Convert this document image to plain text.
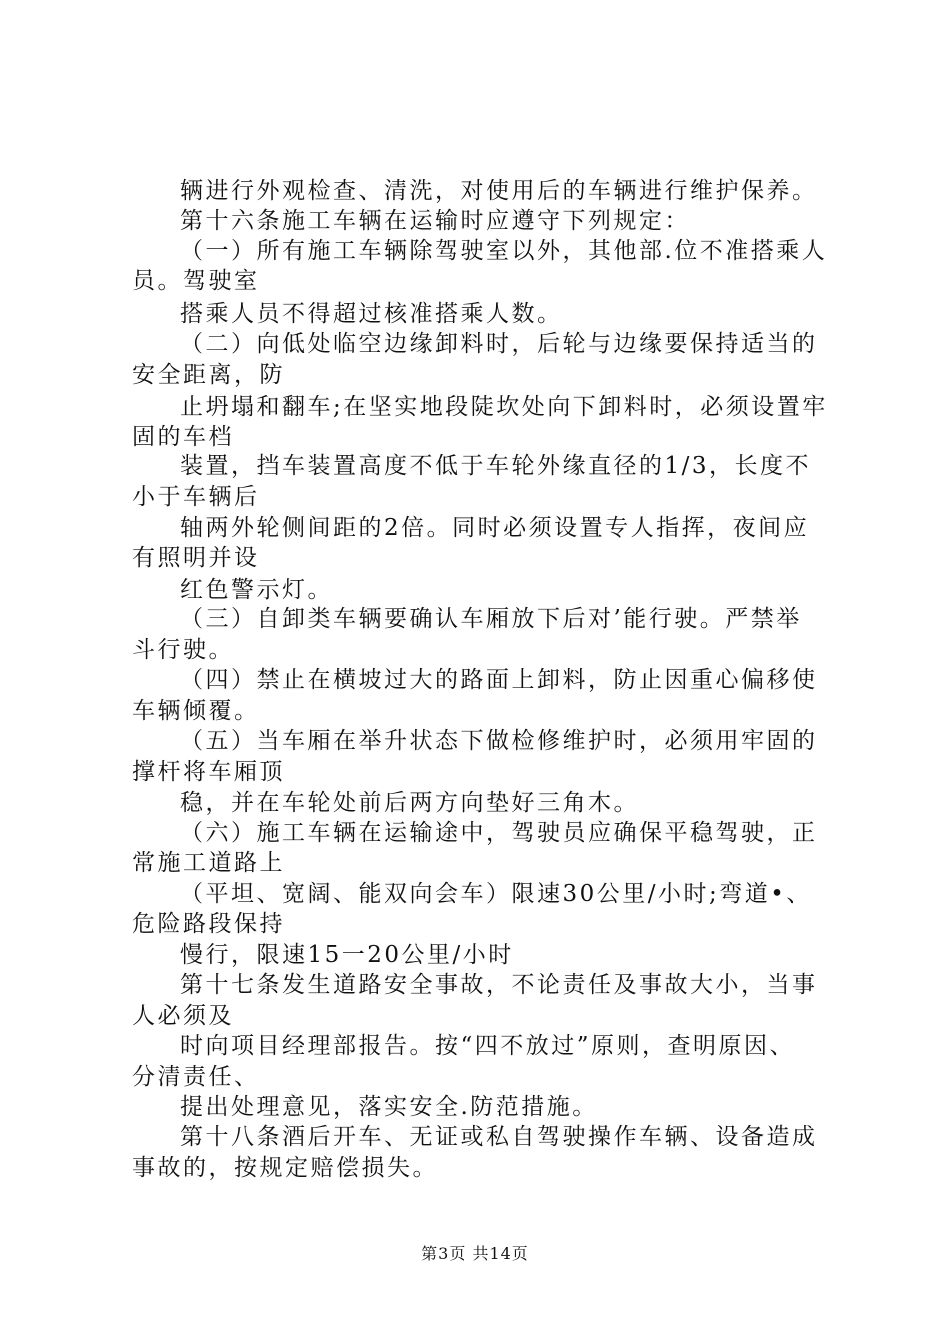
辆进行外观检查、清洗，对使用后的车辆进行维护保养。
第十六条施工车辆在运输时应遵守下列规定：
（一）所有施工车辆除驾驶室以外，其他部.位不准搭乘人
员。驾驶室
搭乘人员不得超过核准搭乘人数。
（二）向低处临空边缘卸料时，后轮与边缘要保持适当的
安全距离，防
止坍塌和翻车;在坚实地段陡坎处向下卸料时，必须设置牢
固的车档
装置，挡车装置高度不低于车轮外缘直径的1/3，长度不
小于车辆后
轴两外轮侧间距的2倍。同时必须设置专人指挥，夜间应
有照明并设
红色警示灯。
（三）自卸类车辆要确认车厢放下后对’能行驶。严禁举
斗行驶。
（四）禁止在横坡过大的路面上卸料，防止因重心偏移使
车辆倾覆。
（五）当车厢在举升状态下做检修维护时，必须用牢固的
撑杆将车厢顶
稳，并在车轮处前后两方向垫好三角木。
（六）施工车辆在运输途中，驾驶员应确保平稳驾驶，正
常施工道路上
（平坦、宽阔、能双向会车）限速30公里/小时;弯道•、
危险路段保持
慢行，限速15一20公里/小时
第十七条发生道路安全事故，不论责任及事故大小，当事
人必须及
时向项目经理部报告。按“四不放过”原则，查明原因、
分清责任、
提出处理意见，落实安全.防范措施。
第十八条酒后开车、无证或私自驾驶操作车辆、设备造成
事故的，按规定赔偿损失。
第3页 共14页
